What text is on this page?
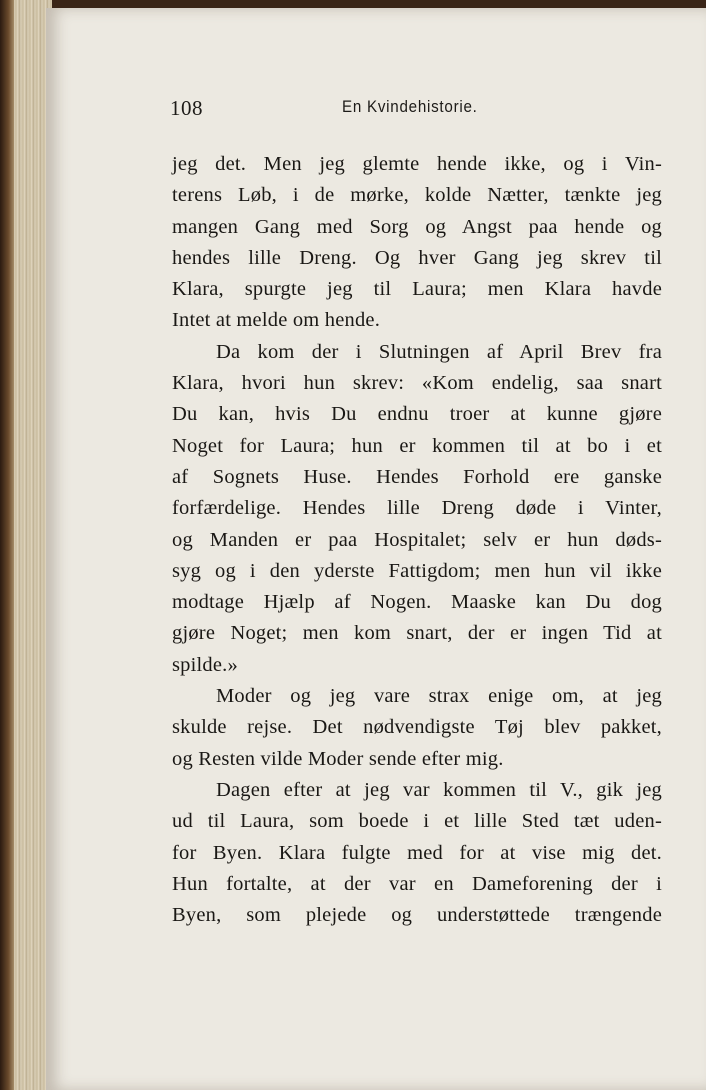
108	En Kvindehistorie.
jeg det. Men jeg glemte hende ikke, og i Vin-
terens Løb, i de mørke, kolde Nætter, tænkte jeg
mangen Gang med Sorg og Angst paa hende og
hendes lille Dreng. Og hver Gang jeg skrev til
Klara, spurgte jeg til Laura; men Klara havde
Intet at melde om hende.
Da kom der i Slutningen af April Brev fra
Klara, hvori hun skrev: «Kom endelig, saa snart
Du kan, hvis Du endnu troer at kunne gjøre
Noget for Laura; hun er kommen til at bo i et
af Sognets Huse. Hendes Forhold ere ganske
forfærdelige. Hendes lille Dreng døde i Vinter,
og Manden er paa Hospitalet; selv er hun døds-
syg og i den yderste Fattigdom; men hun vil ikke
modtage Hjælp af Nogen. Maaske kan Du dog
gjøre Noget; men kom snart, der er ingen Tid at
spilde.»
Moder og jeg vare strax enige om, at jeg
skulde rejse. Det nødvendigste Tøj blev pakket,
og Resten vilde Moder sende efter mig.
Dagen efter at jeg var kommen til V., gik jeg
ud til Laura, som boede i et lille Sted tæt uden-
for Byen. Klara fulgte med for at vise mig det.
Hun fortalte, at der var en Dameforening der i
Byen, som plejede og understøttede trængende
